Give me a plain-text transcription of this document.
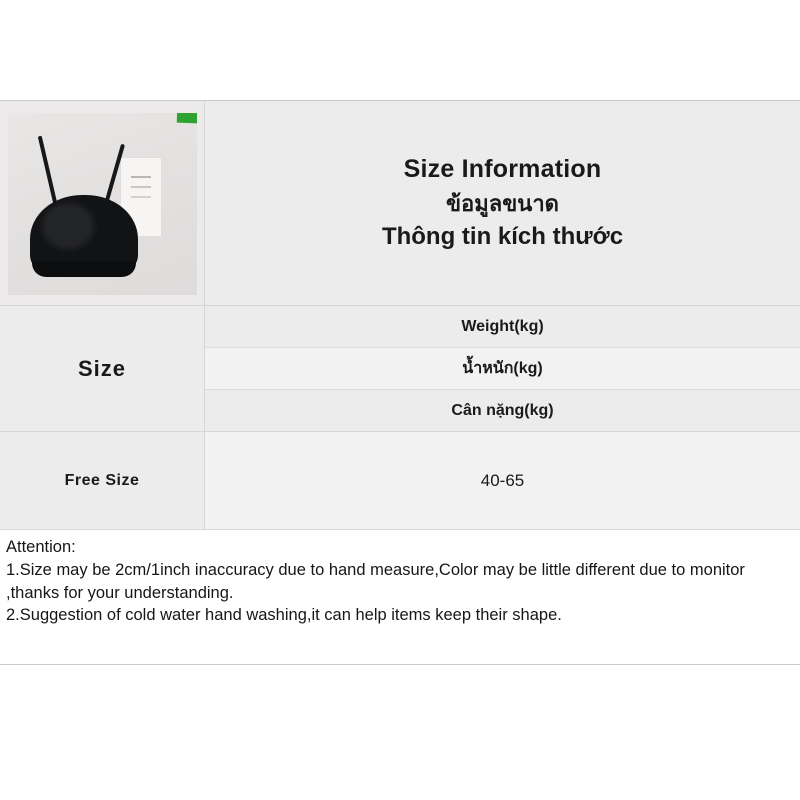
Size Information
ข้อมูลขนาด
Thông tin kích thước
Size
Weight(kg)
น้ำหนัก(kg)
Cân nặng(kg)
Free Size	40-65

Attention:

1.Size may be 2cm/1inch inaccuracy due to hand measure,Color may be little different due to monitor ,thanks for your understanding.

2.Suggestion of cold water hand washing,it can help items keep their shape.
